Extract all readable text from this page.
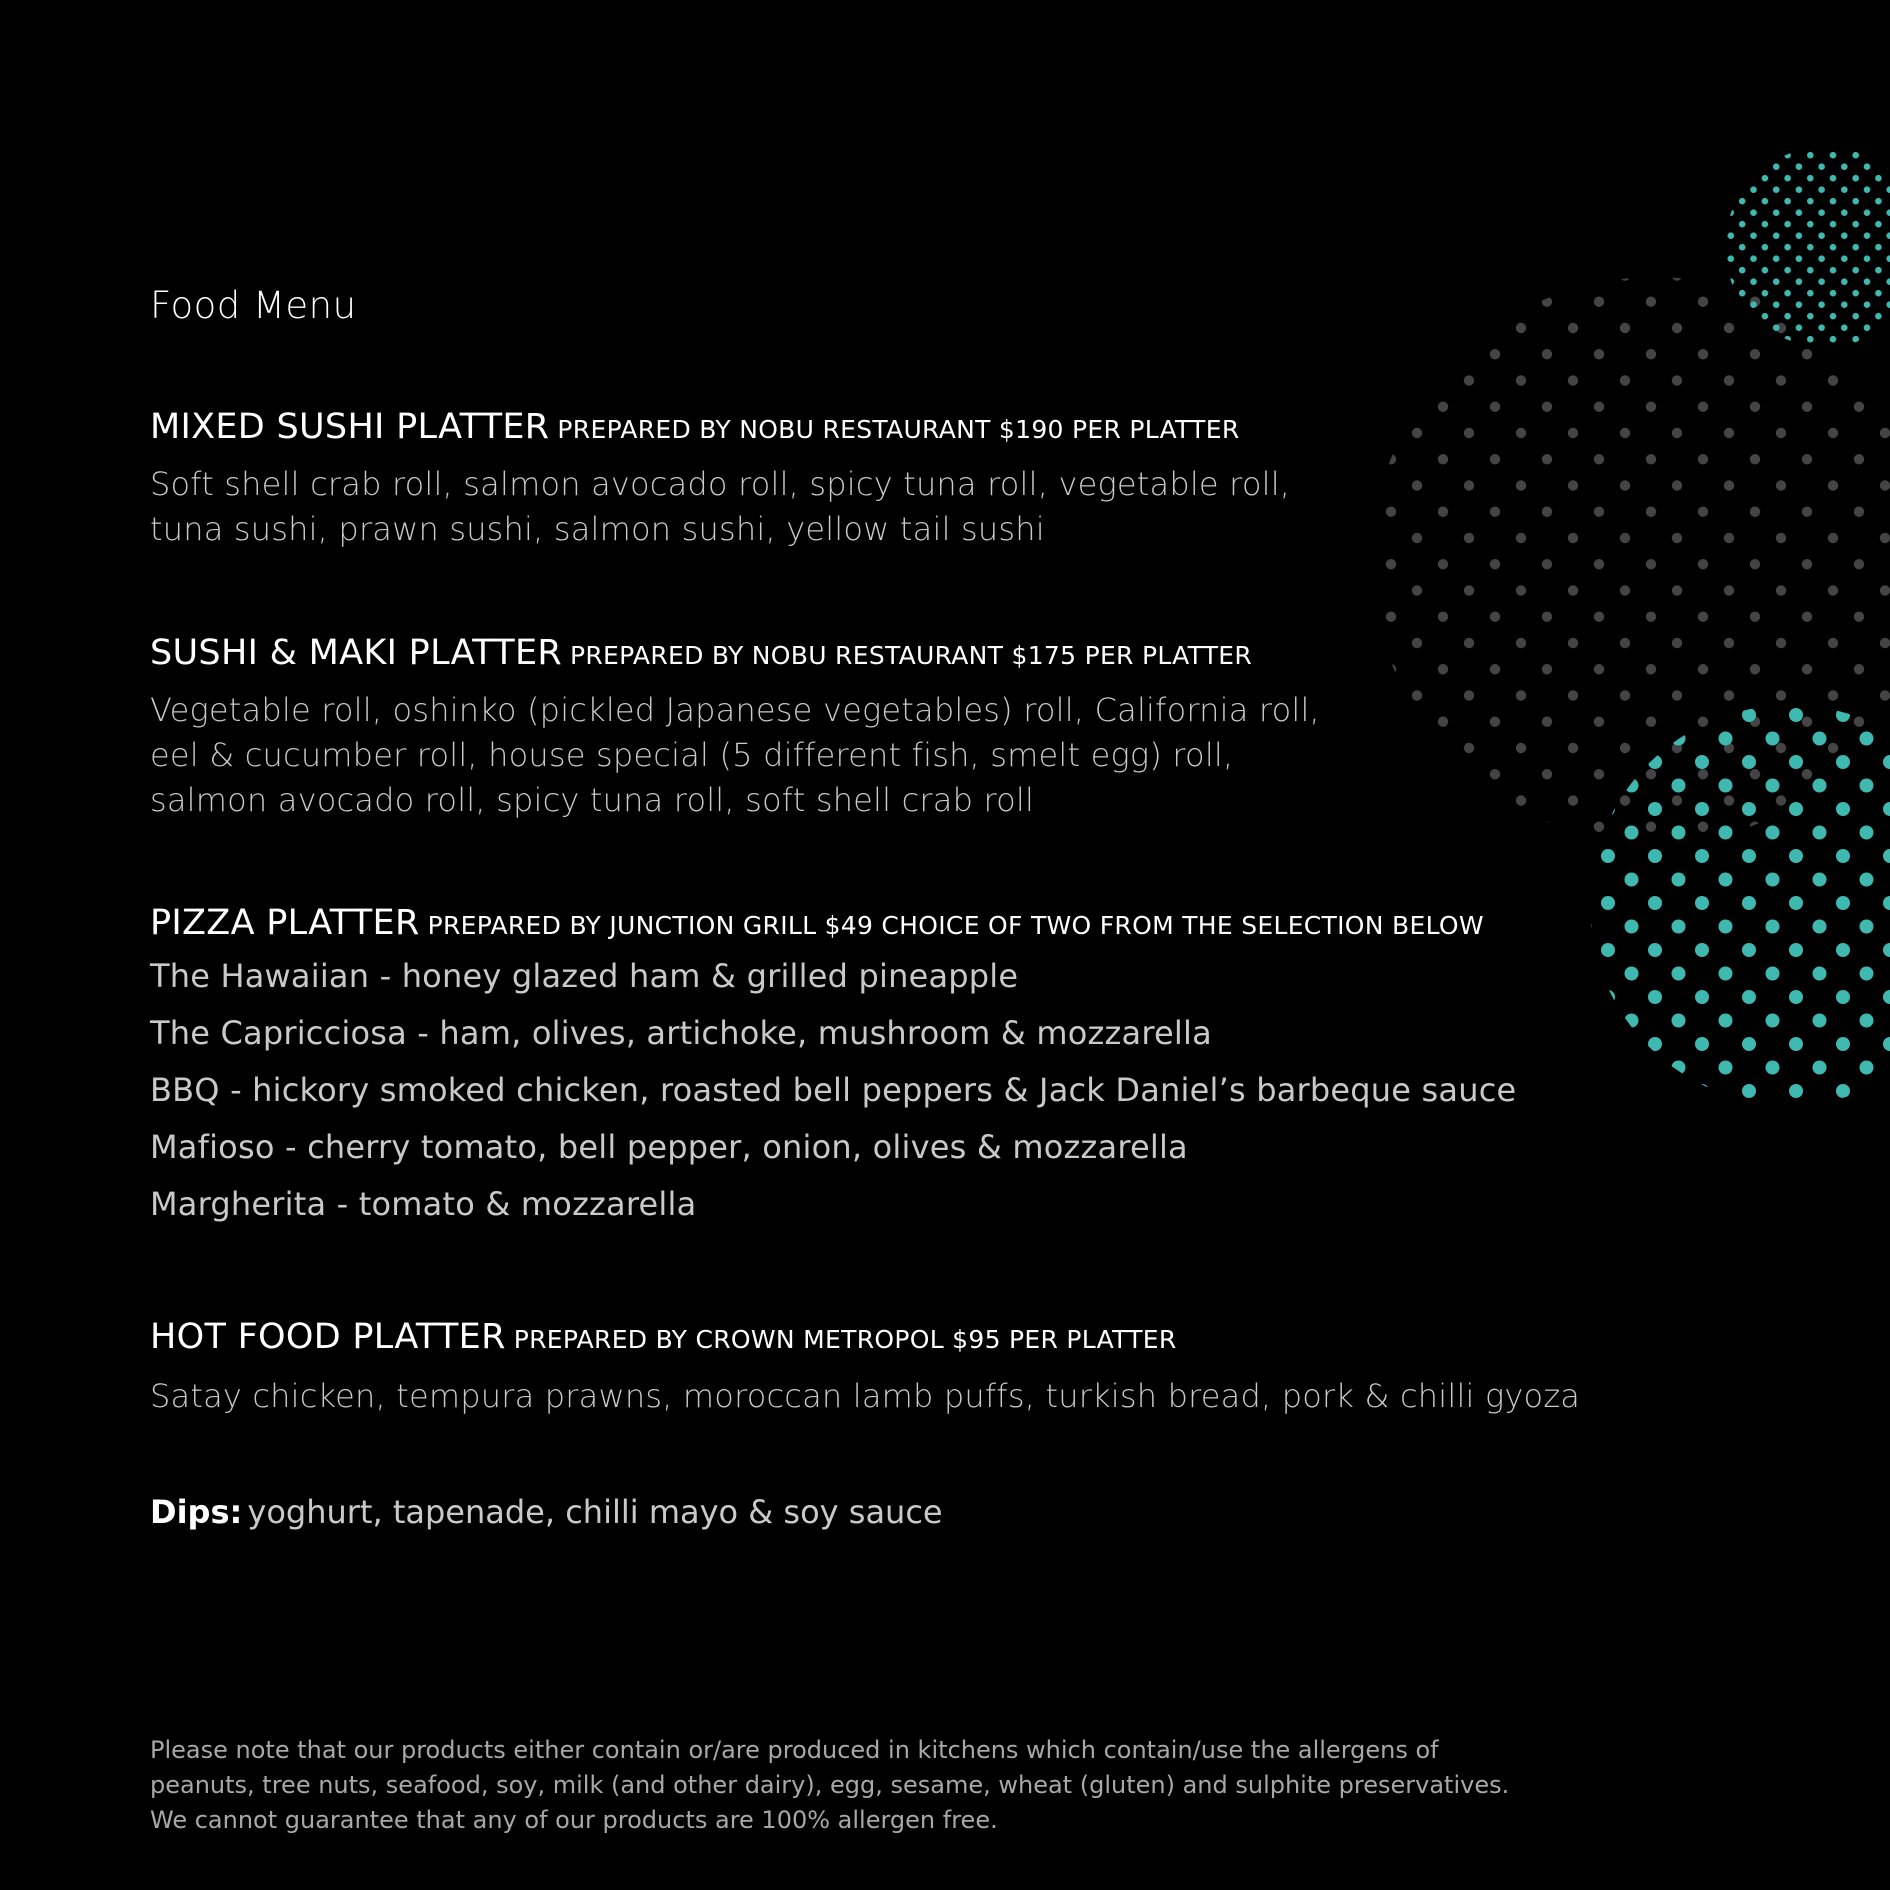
Food Menu
MIXED SUSHI PLATTER PREPARED BY NOBU RESTAURANT $190 PER PLATTER
Soft shell crab roll, salmon avocado roll, spicy tuna roll, vegetable roll,
tuna sushi, prawn sushi, salmon sushi, yellow tail sushi
SUSHI & MAKI PLATTER PREPARED BY NOBU RESTAURANT $175 PER PLATTER
Vegetable roll, oshinko (pickled Japanese vegetables) roll, California roll,
eel & cucumber roll, house special (5 different fish, smelt egg) roll,
salmon avocado roll, spicy tuna roll, soft shell crab roll
PIZZA PLATTER PREPARED BY JUNCTION GRILL $49 CHOICE OF TWO FROM THE SELECTION BELOW
The Hawaiian - honey glazed ham & grilled pineapple
The Capricciosa - ham, olives, artichoke, mushroom & mozzarella
BBQ - hickory smoked chicken, roasted bell peppers & Jack Daniel’s barbeque sauce
Mafioso - cherry tomato, bell pepper, onion, olives & mozzarella
Margherita - tomato & mozzarella
HOT FOOD PLATTER PREPARED BY CROWN METROPOL $95 PER PLATTER
Satay chicken, tempura prawns, moroccan lamb puffs, turkish bread, pork & chilli gyoza
Dips: yoghurt, tapenade, chilli mayo & soy sauce
Please note that our products either contain or/are produced in kitchens which contain/use the allergens of
peanuts, tree nuts, seafood, soy, milk (and other dairy), egg, sesame, wheat (gluten) and sulphite preservatives.
We cannot guarantee that any of our products are 100% allergen free.
